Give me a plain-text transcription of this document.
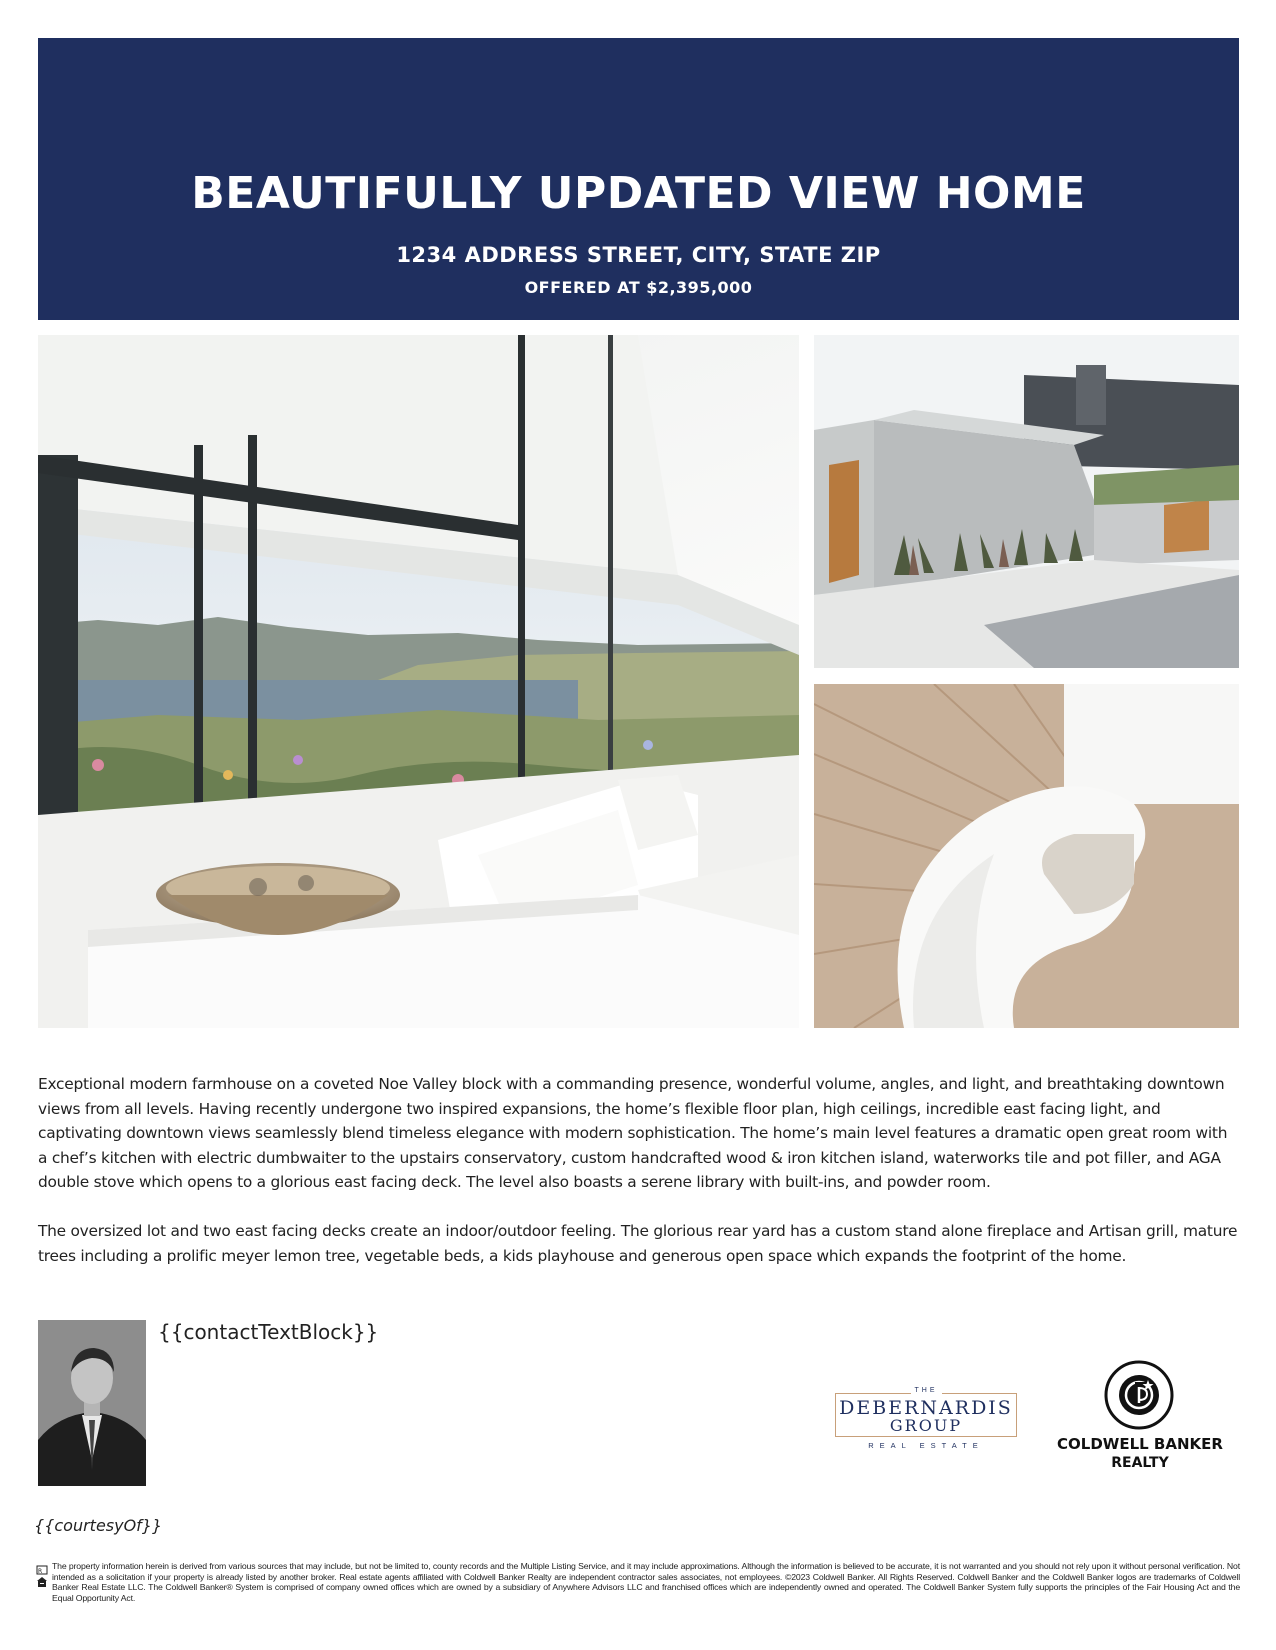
BEAUTIFULLY UPDATED VIEW HOME
1234 ADDRESS STREET, CITY, STATE ZIP
OFFERED AT $2,395,000

Exceptional modern farmhouse on a coveted Noe Valley block with a commanding presence, wonderful volume, angles, and light, and breathtaking downtown views from all levels. Having recently undergone two inspired expansions, the home’s flexible floor plan, high ceilings, incredible east facing light, and captivating downtown views seamlessly blend timeless elegance with modern sophistication. The home’s main level features a dramatic open great room with a chef’s kitchen with electric dumbwaiter to the upstairs conservatory, custom handcrafted wood & iron kitchen island, waterworks tile and pot filler, and AGA double stove which opens to a glorious east facing deck. The level also boasts a serene library with built-ins, and powder room.

The oversized lot and two east facing decks create an indoor/outdoor feeling. The glorious rear yard has a custom stand alone fireplace and Artisan grill, mature trees including a prolific meyer lemon tree, vegetable beds, a kids playhouse and generous open space which expands the footprint of the home.

{{contactTextBlock}}
{{courtesyOf}}
THE
DEBERNARDIS
GROUP
REAL ESTATE	COLDWELL BANKER
REALTY
R
The property information herein is derived from various sources that may include, but not be limited to, county records and the Multiple Listing Service, and it may include approximations. Although the information is believed to be accurate, it is not warranted and you should not rely upon it without personal verification. Not intended as a solicitation if your property is already listed by another broker. Real estate agents affiliated with Coldwell Banker Realty are independent contractor sales associates, not employees. ©2023 Coldwell Banker. All Rights Reserved. Coldwell Banker and the Coldwell Banker logos are trademarks of Coldwell Banker Real Estate LLC. The Coldwell Banker® System is comprised of company owned offices which are owned by a subsidiary of Anywhere Advisors LLC and franchised offices which are independently owned and operated. The Coldwell Banker System fully supports the principles of the Fair Housing Act and the Equal Opportunity Act.
